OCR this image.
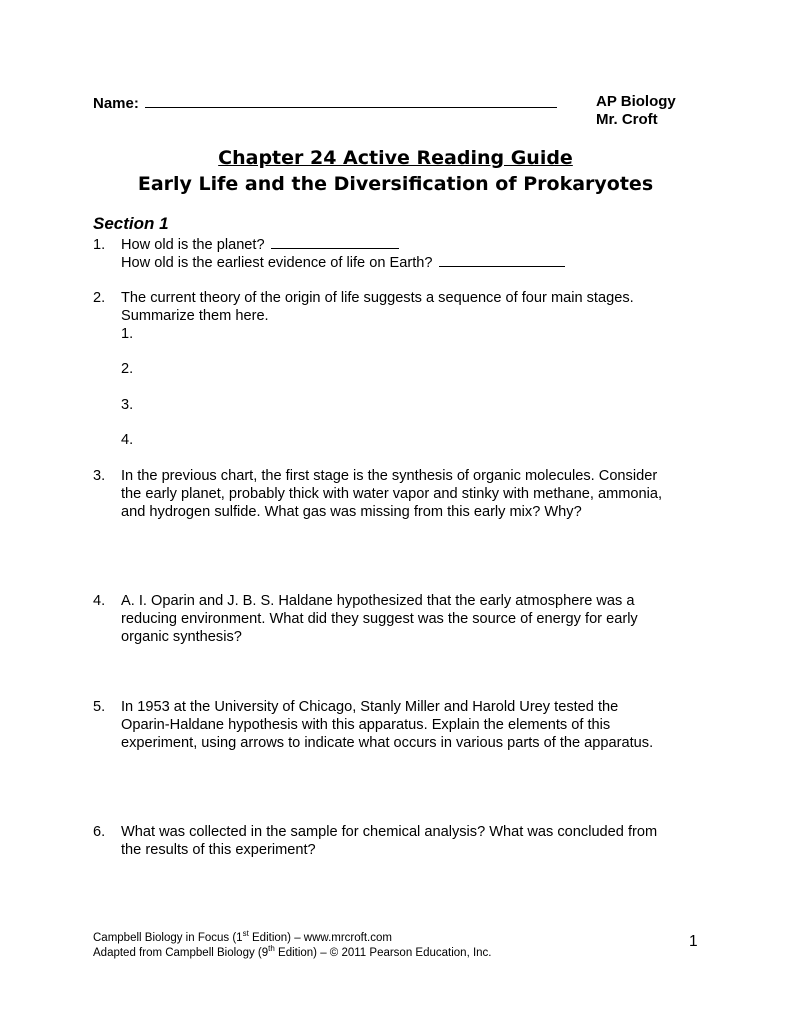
Name:	AP Biology
Mr. Croft
Chapter 24 Active Reading Guide
Early Life and the Diversification of Prokaryotes
Section 1
1. How old is the planet?
How old is the earliest evidence of life on Earth?
2. The current theory of the origin of life suggests a sequence of four main stages.
Summarize them here.
1.
2.
3.
4.
3. In the previous chart, the first stage is the synthesis of organic molecules. Consider
the early planet, probably thick with water vapor and stinky with methane, ammonia,
and hydrogen sulfide. What gas was missing from this early mix? Why?
4. A. I. Oparin and J. B. S. Haldane hypothesized that the early atmosphere was a
reducing environment. What did they suggest was the source of energy for early
organic synthesis?
5. In 1953 at the University of Chicago, Stanly Miller and Harold Urey tested the
Oparin-Haldane hypothesis with this apparatus. Explain the elements of this
experiment, using arrows to indicate what occurs in various parts of the apparatus.
6. What was collected in the sample for chemical analysis? What was concluded from
the results of this experiment?
Campbell Biology in Focus (1st Edition) – www.mrcroft.com
Adapted from Campbell Biology (9th Edition) – © 2011 Pearson Education, Inc.
1
